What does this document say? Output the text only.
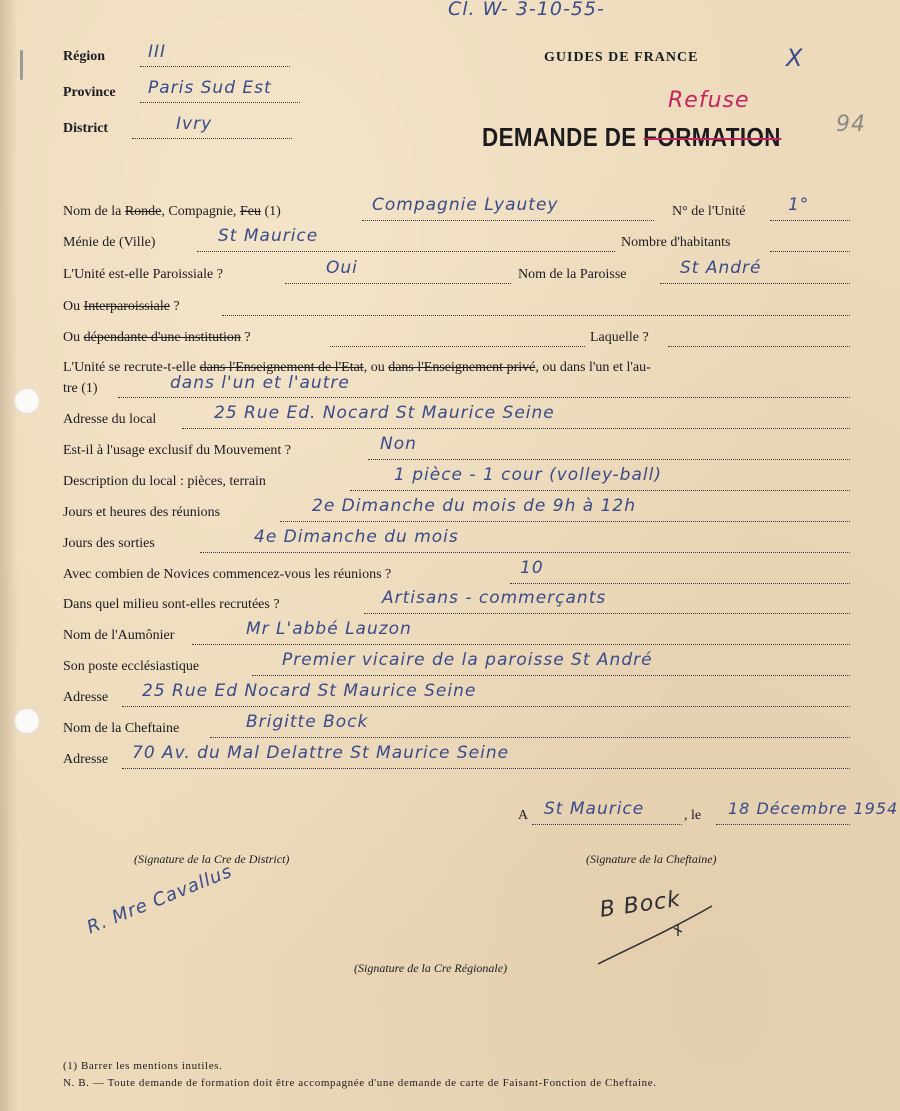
Cl. W- 3-10-55-
X
94
Refuse
Région	III
Province Paris Sud Est
District	Ivry
GUIDES DE FRANCE
DEMANDE DE FORMATION
Nom de la Ronde, Compagnie, Feu (1)	Compagnie Lyautey	N° de l'Unité	1°
Ménie de (Ville)	St Maurice	Nombre d'habitants
L'Unité est-elle Paroissiale ?	Oui	Nom de la Paroisse	St André
Ou Interparoissiale ?
Ou dépendante d'une institution ?	Laquelle ?
L'Unité se recrute-t-elle dans l'Enseignement de l'Etat, ou dans l'Enseignement privé, ou dans l'un et l'au-
tre (1)	dans l'un et l'autre
Adresse du local	25 Rue Ed. Nocard St Maurice Seine
Est-il à l'usage exclusif du Mouvement ?	Non
Description du local : pièces, terrain	1 pièce - 1 cour (volley-ball)
Jours et heures des réunions	2e Dimanche du mois de 9h à 12h
Jours des sorties	4e Dimanche du mois
Avec combien de Novices commencez-vous les réunions ?	10
Dans quel milieu sont-elles recrutées ?	Artisans - commerçants
Nom de l'Aumônier	Mr L'abbé Lauzon
Son poste ecclésiastique	Premier vicaire de la paroisse St André
Adresse 25 Rue Ed Nocard St Maurice Seine
Nom de la Cheftaine	Brigitte Bock
Adresse 70 Av. du Mal Delattre St Maurice Seine
A St Maurice	, le 18 Décembre 1954
(Signature de la Cre de District)	(Signature de la Cheftaine)
(Signature de la Cre Régionale)
R. Mre Cavallus	B Bock
(1) Barrer les mentions inutiles.
N. B. — Toute demande de formation doit être accompagnée d'une demande de carte de Faisant-Fonction de Cheftaine.
